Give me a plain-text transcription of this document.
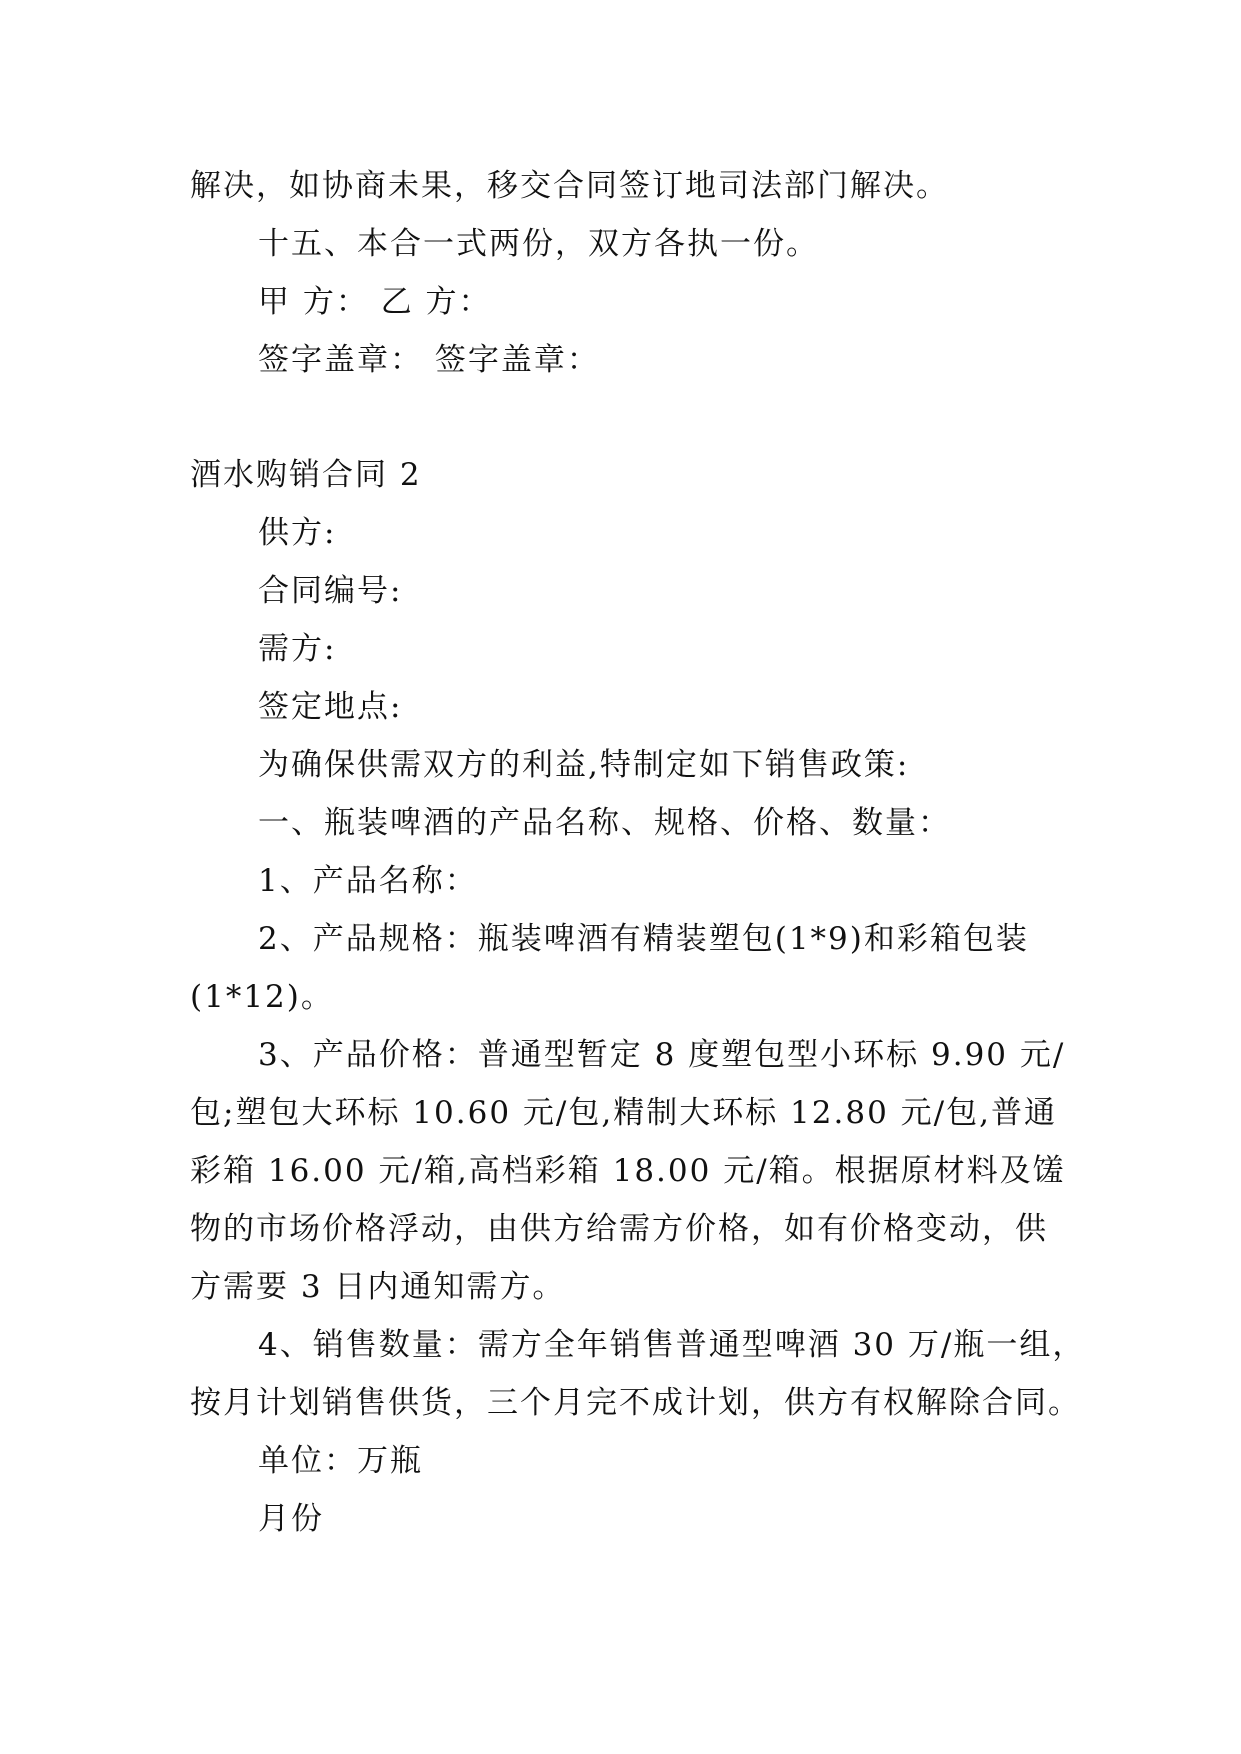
解决，如协商未果，移交合同签订地司法部门解决。
十五、本合一式两份，双方各执一份。
甲 方： 乙 方：
签字盖章： 签字盖章：
酒水购销合同 2
供方:
合同编号:
需方:
签定地点:
为确保供需双方的利益,特制定如下销售政策:
一、瓶装啤酒的产品名称、规格、价格、数量：
1、产品名称：
2、产品规格：瓶装啤酒有精装塑包(1*9)和彩箱包装
(1*12)。
3、产品价格：普通型暂定 8 度塑包型小环标 9.90 元/
包;塑包大环标 10.60 元/包,精制大环标 12.80 元/包,普通
彩箱 16.00 元/箱,高档彩箱 18.00 元/箱。根据原材料及馐
物的市场价格浮动，由供方给需方价格，如有价格变动，供
方需要 3 日内通知需方。
4、销售数量：需方全年销售普通型啤酒 30 万/瓶一组，
按月计划销售供货，三个月完不成计划，供方有权解除合同。
单位：万瓶
月份
